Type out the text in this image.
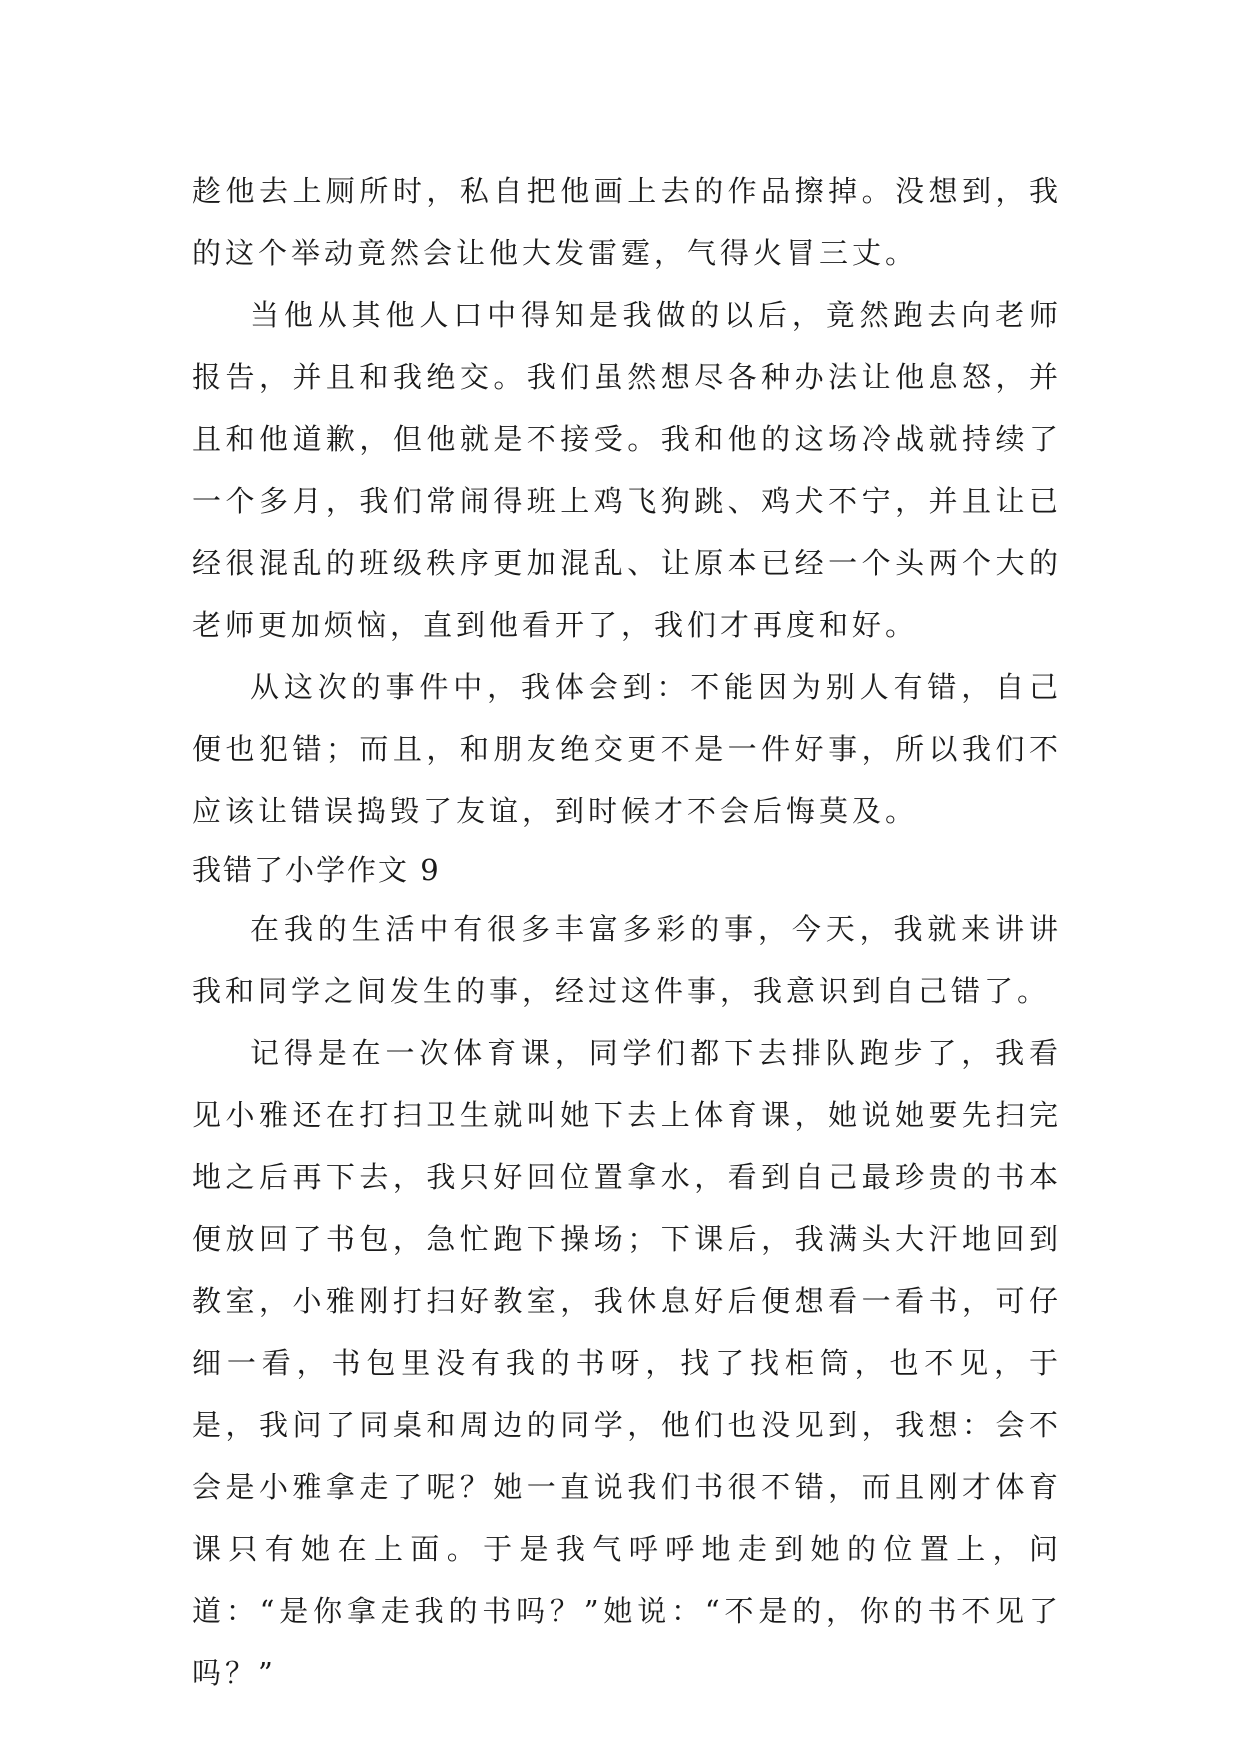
趁他去上厕所时，私自把他画上去的作品擦掉。没想到，我的这个举动竟然会让他大发雷霆，气得火冒三丈。

当他从其他人口中得知是我做的以后，竟然跑去向老师报告，并且和我绝交。我们虽然想尽各种办法让他息怒，并且和他道歉，但他就是不接受。我和他的这场冷战就持续了一个多月，我们常闹得班上鸡飞狗跳、鸡犬不宁，并且让已经很混乱的班级秩序更加混乱、让原本已经一个头两个大的老师更加烦恼，直到他看开了，我们才再度和好。

从这次的事件中，我体会到：不能因为别人有错，自己便也犯错；而且，和朋友绝交更不是一件好事，所以我们不应该让错误捣毁了友谊，到时候才不会后悔莫及。

我错了小学作文 9

在我的生活中有很多丰富多彩的事，今天，我就来讲讲我和同学之间发生的事，经过这件事，我意识到自己错了。

记得是在一次体育课，同学们都下去排队跑步了，我看见小雅还在打扫卫生就叫她下去上体育课，她说她要先扫完地之后再下去，我只好回位置拿水，看到自己最珍贵的书本便放回了书包，急忙跑下操场；下课后，我满头大汗地回到教室，小雅刚打扫好教室，我休息好后便想看一看书，可仔细一看，书包里没有我的书呀，找了找柜筒，也不见，于是，我问了同桌和周边的同学，他们也没见到，我想：会不会是小雅拿走了呢？她一直说我们书很不错，而且刚才体育课只有她在上面。于是我气呼呼地走到她的位置上，问道：“是你拿走我的书吗？”她说：“不是的，你的书不见了吗？”
